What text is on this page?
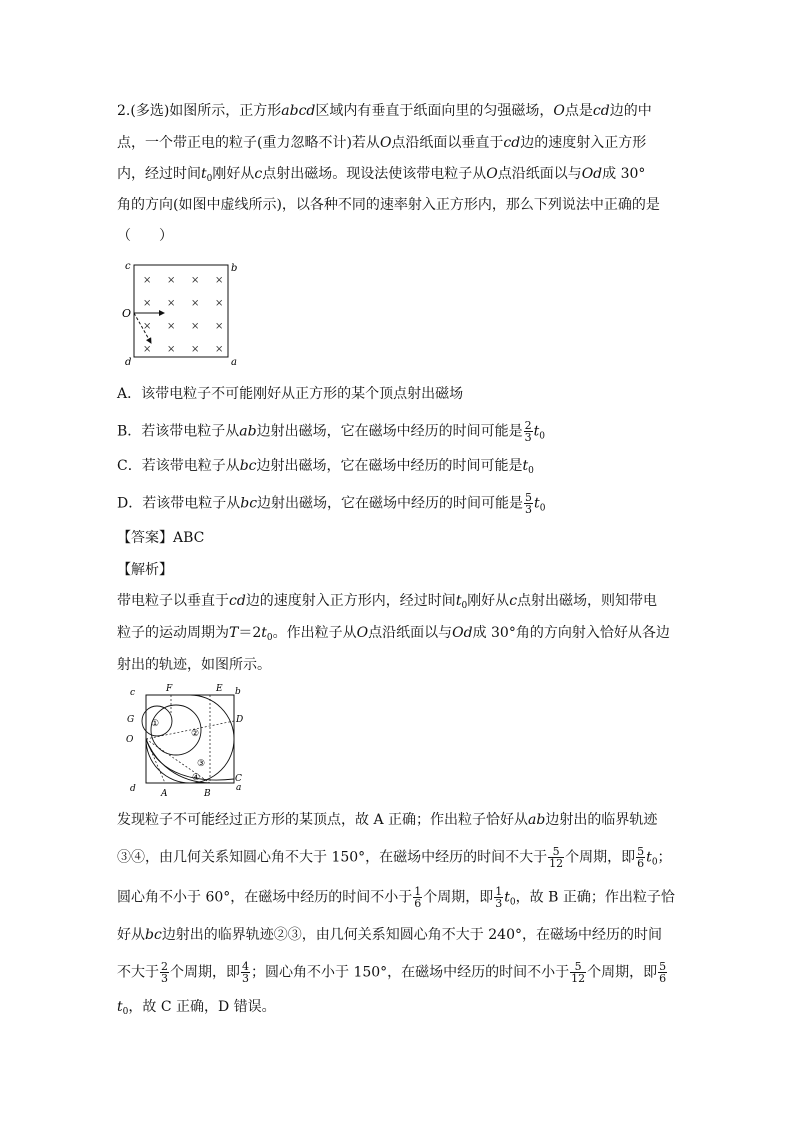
2.(多选)如图所示，正方形abcd区域内有垂直于纸面向里的匀强磁场，O点是cd边的中
点，一个带正电的粒子(重力忽略不计)若从O点沿纸面以垂直于cd边的速度射入正方形
内，经过时间$t_0$刚好从c点射出磁场。现设法使该带电粒子从O点沿纸面以与Od成 30°
角的方向(如图中虚线所示)，以各种不同的速率射入正方形内，那么下列说法中正确的是
（　　）
c	b
O
d	a
× × × ×
× × × ×
× × × ×
× × × ×
A．该带电粒子不可能刚好从正方形的某个顶点射出磁场
B．若该带电粒子从ab边射出磁场，它在磁场中经历的时间可能是 $\frac{2}{3} t_0$
C．若该带电粒子从bc边射出磁场，它在磁场中经历的时间可能是$t_0$
D．若该带电粒子从bc边射出磁场，它在磁场中经历的时间可能是 $\frac{5}{3} t_0$
【答案】ABC
【解析】
带电粒子以垂直于cd边的速度射入正方形内，经过时间$t_0$刚好从c点射出磁场，则知带电
粒子的运动周期为$T=2t_0$。作出粒子从O点沿纸面以与Od成 30°角的方向射入恰好从各边
射出的轨迹，如图所示。
c	F	E b
G	D
O
d	A	B
C
a
①
②
③
④
发现粒子不可能经过正方形的某顶点，故 A 正确；作出粒子恰好从ab边射出的临界轨迹
③④，由几何关系知圆心角不大于 150°，在磁场中经历的时间不大于 $\frac{5}{12}$ 个周期，即 $\frac{5}{6} t_0$；
圆心角不小于 60°，在磁场中经历的时间不小于 $\frac{1}{6}$ 个周期，即 $\frac{1}{3} t_0$，故 B 正确；作出粒子恰
好从bc边射出的临界轨迹②③，由几何关系知圆心角不大于 240°，在磁场中经历的时间
不大于 $\frac{2}{3}$ 个周期，即 $\frac{4}{3}$ ；圆心角不小于 150°，在磁场中经历的时间不小于 $\frac{5}{12}$ 个周期，即 $\frac{5}{6}$
$t_0$，故 C 正确，D 错误。
